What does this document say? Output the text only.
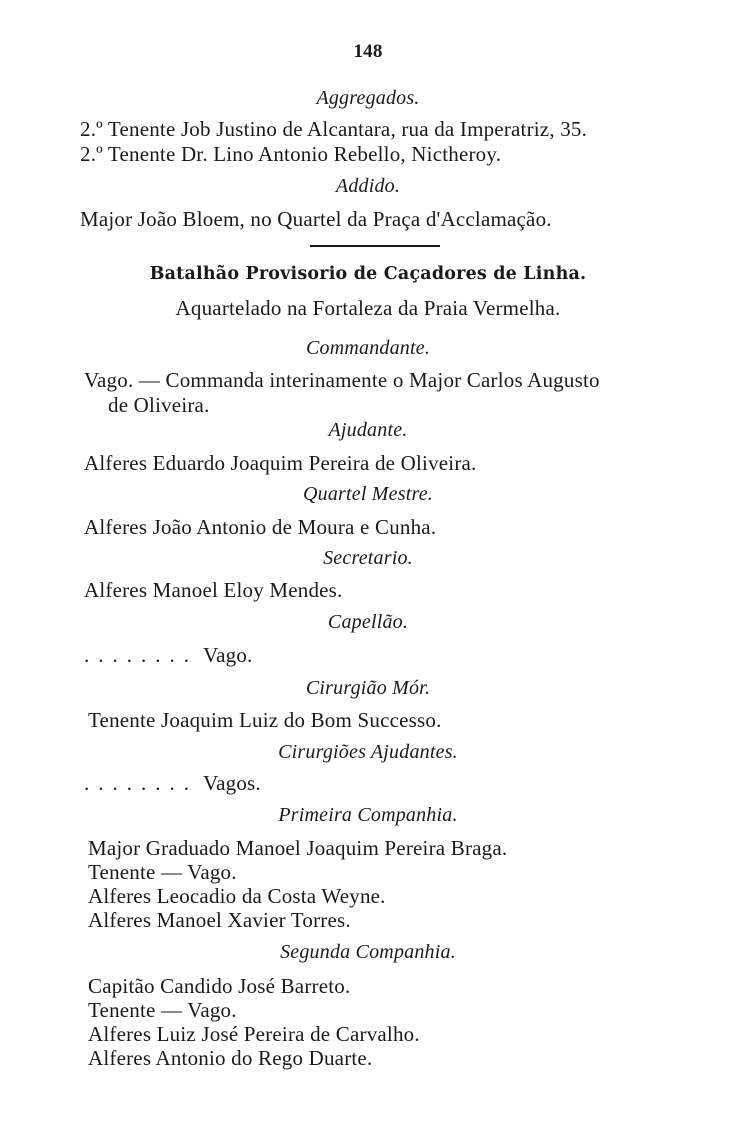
148
Aggregados.
2.º Tenente Job Justino de Alcantara, rua da Imperatriz, 35.
2.º Tenente Dr. Lino Antonio Rebello, Nictheroy.
Addido.
Major João Bloem, no Quartel da Praça d'Acclamação.
Batalhão Provisorio de Caçadores de Linha.
Aquartelado na Fortaleza da Praia Vermelha.
Commandante.
Vago. — Commanda interinamente o Major Carlos Augusto
de Oliveira.
Ajudante.
Alferes Eduardo Joaquim Pereira de Oliveira.
Quartel Mestre.
Alferes João Antonio de Moura e Cunha.
Secretario.
Alferes Manoel Eloy Mendes.
Capellão.
........ Vago.
Cirurgião Mór.
Tenente Joaquim Luiz do Bom Successo.
Cirurgiões Ajudantes.
........ Vagos.
Primeira Companhia.
Major Graduado Manoel Joaquim Pereira Braga.
Tenente — Vago.
Alferes Leocadio da Costa Weyne.
Alferes Manoel Xavier Torres.
Segunda Companhia.
Capitão Candido José Barreto.
Tenente — Vago.
Alferes Luiz José Pereira de Carvalho.
Alferes Antonio do Rego Duarte.
